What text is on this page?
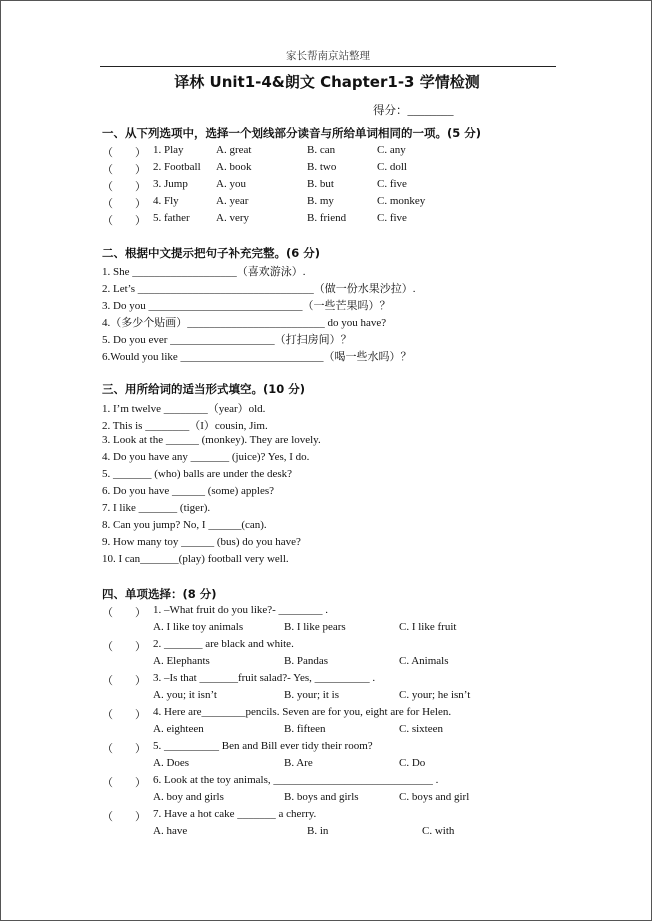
家长帮南京站整理
译林 Unit1-4&朗文 Chapter1-3 学情检测
得分：________
一、从下列选项中，选择一个划线部分读音与所给单词相同的一项。(5 分)
（　　） 1. Play	A. great	B. can	C. any
（　　） 2. Football A. book	B. two	C. doll
（　　） 3. Jump	A. you	B. but	C. five
（　　） 4. Fly	A. year	B. my	C. monkey
（　　） 5. father A. very	B. friend	C. five
二、根据中文提示把句子补充完整。(6 分)
1. She ___________________（喜欢游泳）.
2. Let’s ________________________________（做一份水果沙拉）.
3. Do you ____________________________（一些芒果吗）？
4.（多少个贴画）_________________________ do you have?
5. Do you ever ___________________（打扫房间）？
6.Would you like __________________________（喝一些水吗）？
三、用所给词的适当形式填空。(10 分)
1. I’m twelve ________（year）old.
2. This is ________（I）cousin, Jim.
3. Look at the ______ (monkey). They are lovely.
4. Do you have any _______ (juice)? Yes, I do.
5. _______ (who) balls are under the desk?
6. Do you have ______ (some) apples?
7. I like _______ (tiger).
8. Can you jump? No, I ______(can).
9. How many toy ______ (bus) do you have?
10. I can_______(play) football very well.
四、单项选择：(8 分)
（　　） 1. –What fruit do you like?- ________ .
A. I like toy animals	B. I like pears	C. I like fruit
（　　） 2. _______ are black and white.
A. Elephants	B. Pandas	C. Animals
（　　） 3. –Is that _______fruit salad?- Yes, __________ .
A. you; it isn’t	B. your; it is	C. your; he isn’t
（　　） 4. Here are________pencils. Seven are for you, eight are for Helen.
A. eighteen	B. fifteen	C. sixteen
（　　） 5. __________ Ben and Bill ever tidy their room?
A. Does	B. Are	C. Do
（　　） 6. Look at the toy animals, _____________________________ .
A. boy and girls	B. boys and girls	C. boys and girl
（　　） 7. Have a hot cake _______ a cherry.
A. have	B. in	C. with
